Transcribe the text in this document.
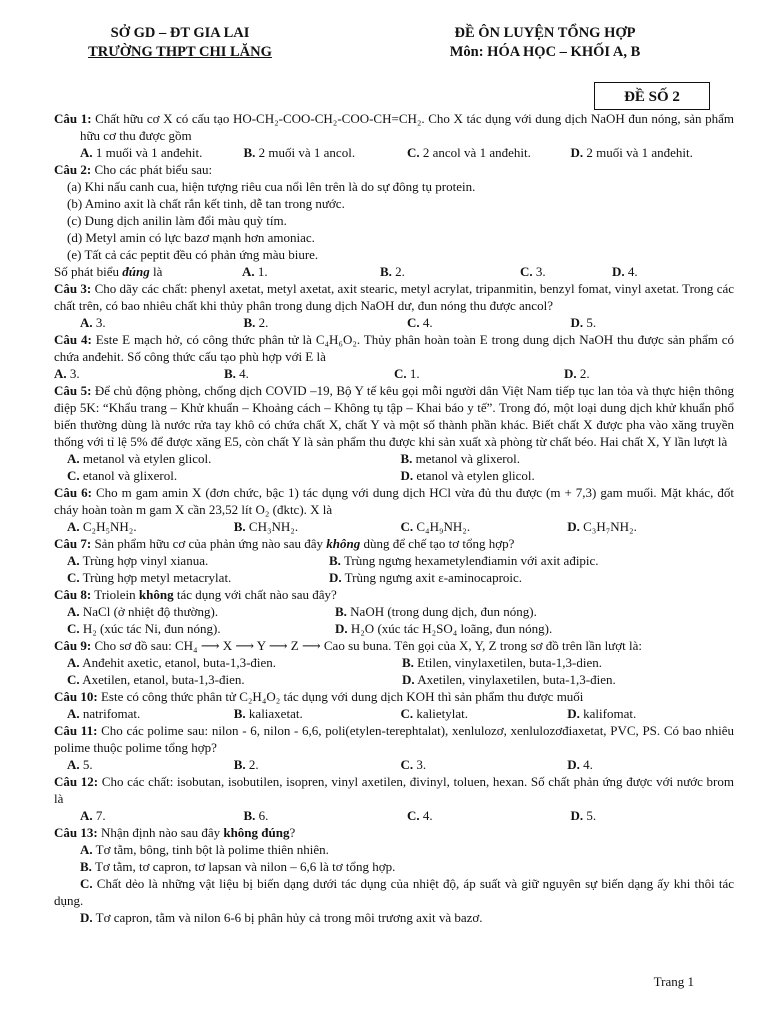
SỞ GD – ĐT GIA LAI
TRƯỜNG THPT CHI LĂNG
ĐỀ ÔN LUYỆN TỔNG HỢP
Môn: HÓA HỌC – KHỐI A, B
ĐỀ SỐ 2

Câu 1: Chất hữu cơ X có cấu tạo HO-CH₂-COO-CH₂-COO-CH=CH₂. Cho X tác dụng với dung dịch NaOH đun nóng, sản phẩm hữu cơ thu được gồm

A. 1 muối và 1 anđehit.	B. 2 muối và 1 ancol.	C. 2 ancol và 1 anđehit.	D. 2 muối và 1 anđehit.

Câu 2: Cho các phát biểu sau:

(a) Khi nấu canh cua, hiện tượng riêu cua nổi lên trên là do sự đông tụ protein.

(b) Amino axit là chất rắn kết tinh, dễ tan trong nước.

(c) Dung dịch anilin làm đổi màu quỳ tím.

(d) Metyl amin có lực bazơ mạnh hơn amoniac.

(e) Tất cả các peptit đều có phản ứng màu biure.

Số phát biểu đúng là	A. 1.	B. 2.	C. 3.	D. 4.

Câu 3: Cho dãy các chất: phenyl axetat, metyl axetat, axit stearic, metyl acrylat, tripanmitin, benzyl fomat, vinyl axetat. Trong các chất trên, có bao nhiêu chất khi thủy phân trong dung dịch NaOH dư, đun nóng thu được ancol?

A. 3.	B. 2.	C. 4.	D. 5.

Câu 4: Este E mạch hở, có công thức phân tử là C₄H₆O₂. Thủy phân hoàn toàn E trong dung dịch NaOH thu được sản phẩm có chứa anđehit. Số công thức cấu tạo phù hợp với E là

A. 3.	B. 4.	C. 1.	D. 2.

Câu 5: Để chủ động phòng, chống dịch COVID –19, Bộ Y tế kêu gọi mỗi người dân Việt Nam tiếp tục lan tỏa và thực hiện thông điệp 5K: “Khẩu trang – Khử khuẩn – Khoảng cách – Không tụ tập – Khai báo y tế”. Trong đó, một loại dung dịch khử khuẩn phổ biến thường dùng là nước rửa tay khô có chứa chất X, chất Y và một số thành phần khác. Biết chất X được pha vào xăng truyền thống với tỉ lệ 5% để được xăng E5, còn chất Y là sản phẩm thu được khi sản xuất xà phòng từ chất béo. Hai chất X, Y lần lượt là

A. metanol và etylen glicol.	B. metanol và glixerol.
C. etanol và glixerol.	D. etanol và etylen glicol.

Câu 6: Cho m gam amin X (đơn chức, bậc 1) tác dụng với dung dịch HCl vừa đủ thu được (m + 7,3) gam muối. Mặt khác, đốt cháy hoàn toàn m gam X cần 23,52 lít O₂ (đktc). X là

A. C₂H₅NH₂.	B. CH₃NH₂.	C. C₄H₉NH₂.	D. C₃H₇NH₂.

Câu 7: Sản phẩm hữu cơ của phản ứng nào sau đây không dùng để chế tạo tơ tổng hợp?

A. Trùng hợp vinyl xianua.	B. Trùng ngưng hexametylenđiamin với axit ađipic.
C. Trùng hợp metyl metacrylat.	D. Trùng ngưng axit ε-aminocaproic.

Câu 8: Triolein không tác dụng với chất nào sau đây?

A. NaCl (ở nhiệt độ thường).	B. NaOH (trong dung dịch, đun nóng).
C. H₂ (xúc tác Ni, đun nóng).	D. H₂O (xúc tác H₂SO₄ loãng, đun nóng).

Câu 9: Cho sơ đồ sau: CH₄ ⟶ X ⟶ Y ⟶ Z ⟶ Cao su buna. Tên gọi của X, Y, Z trong sơ đồ trên lần lượt là:

A. Anđehit axetic, etanol, buta-1,3-đien.	B. Etilen, vinylaxetilen, buta-1,3-dien.
C. Axetilen, etanol, buta-1,3-đien.	D. Axetilen, vinylaxetilen, buta-1,3-đien.

Câu 10: Este có công thức phân tử C₂H₄O₂ tác dụng với dung dịch KOH thì sản phẩm thu được muối

A. natrifomat.	B. kaliaxetat.	C. kalietylat.	D. kalifomat.

Câu 11: Cho các polime sau: nilon - 6, nilon - 6,6, poli(etylen-terephtalat), xenlulozơ, xenlulozơđiaxetat, PVC, PS. Có bao nhiêu polime thuộc polime tổng hợp?

A. 5.	B. 2.	C. 3.	D. 4.

Câu 12: Cho các chất: isobutan, isobutilen, isopren, vinyl axetilen, đivinyl, toluen, hexan. Số chất phản ứng được với nước brom là

A. 7.	B. 6.	C. 4.	D. 5.

Câu 13: Nhận định nào sau đây không đúng?

A. Tơ tằm, bông, tinh bột là polime thiên nhiên.

B. Tơ tằm, tơ capron, tơ lapsan và nilon – 6,6 là tơ tổng hợp.

C. Chất dẻo là những vật liệu bị biến dạng dưới tác dụng của nhiệt độ, áp suất và giữ nguyên sự biến dạng ấy khi thôi tác dụng.

D. Tơ capron, tằm và nilon 6-6 bị phân hủy cả trong môi trương axit và bazơ.

Trang 1
